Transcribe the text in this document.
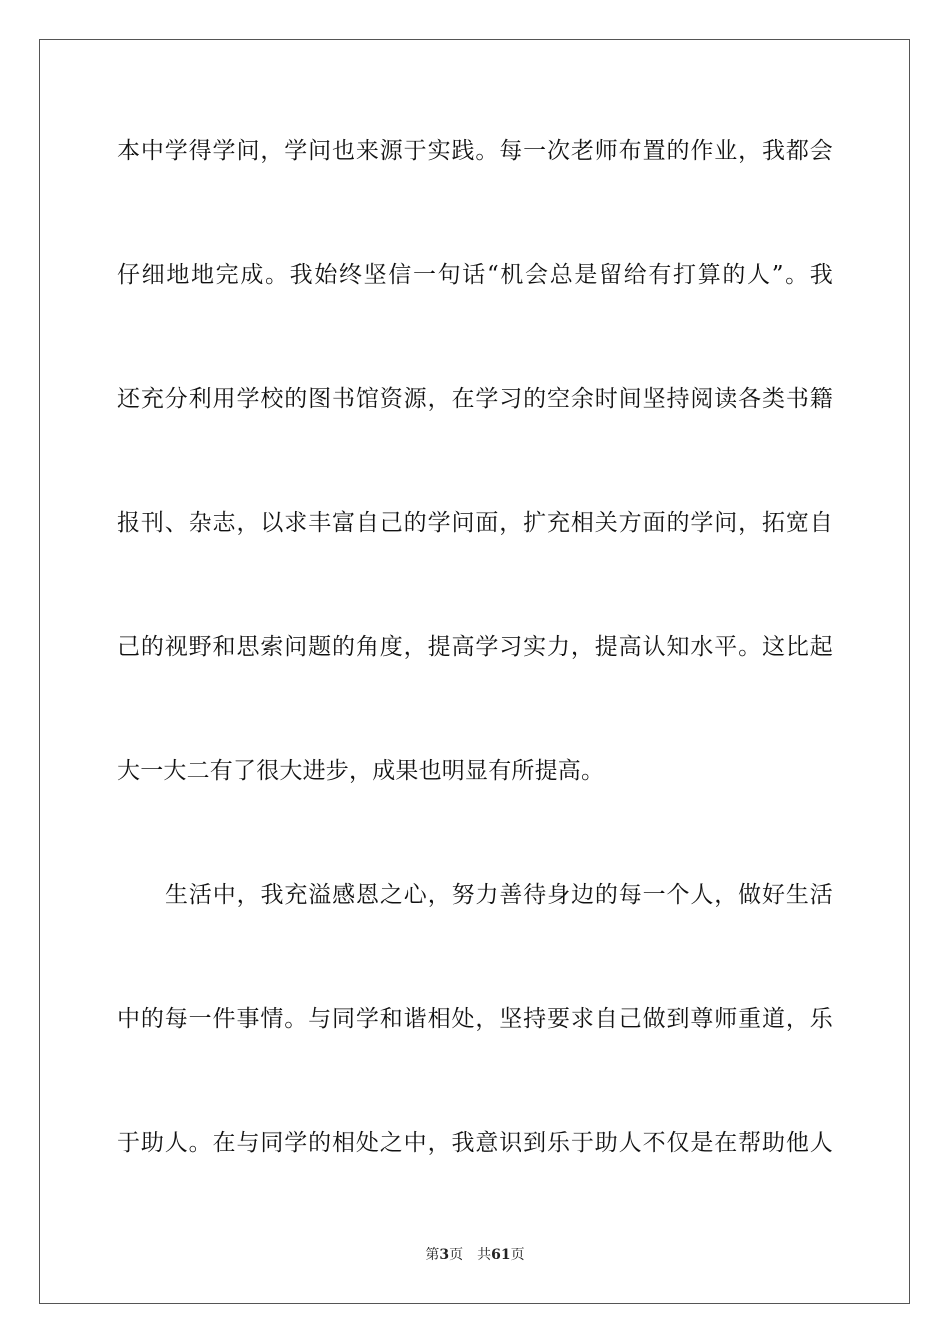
本中学得学问，学问也来源于实践。每一次老师布置的作业，我都会
仔细地地完成。我始终坚信一句话“机会总是留给有打算的人”。我
还充分利用学校的图书馆资源，在学习的空余时间坚持阅读各类书籍
报刊、杂志，以求丰富自己的学问面，扩充相关方面的学问，拓宽自
己的视野和思索问题的角度，提高学习实力，提高认知水平。这比起
大一大二有了很大进步，成果也明显有所提高。
生活中，我充溢感恩之心，努力善待身边的每一个人，做好生活
中的每一件事情。与同学和谐相处，坚持要求自己做到尊师重道，乐
于助人。在与同学的相处之中，我意识到乐于助人不仅是在帮助他人
第3页 共61页
